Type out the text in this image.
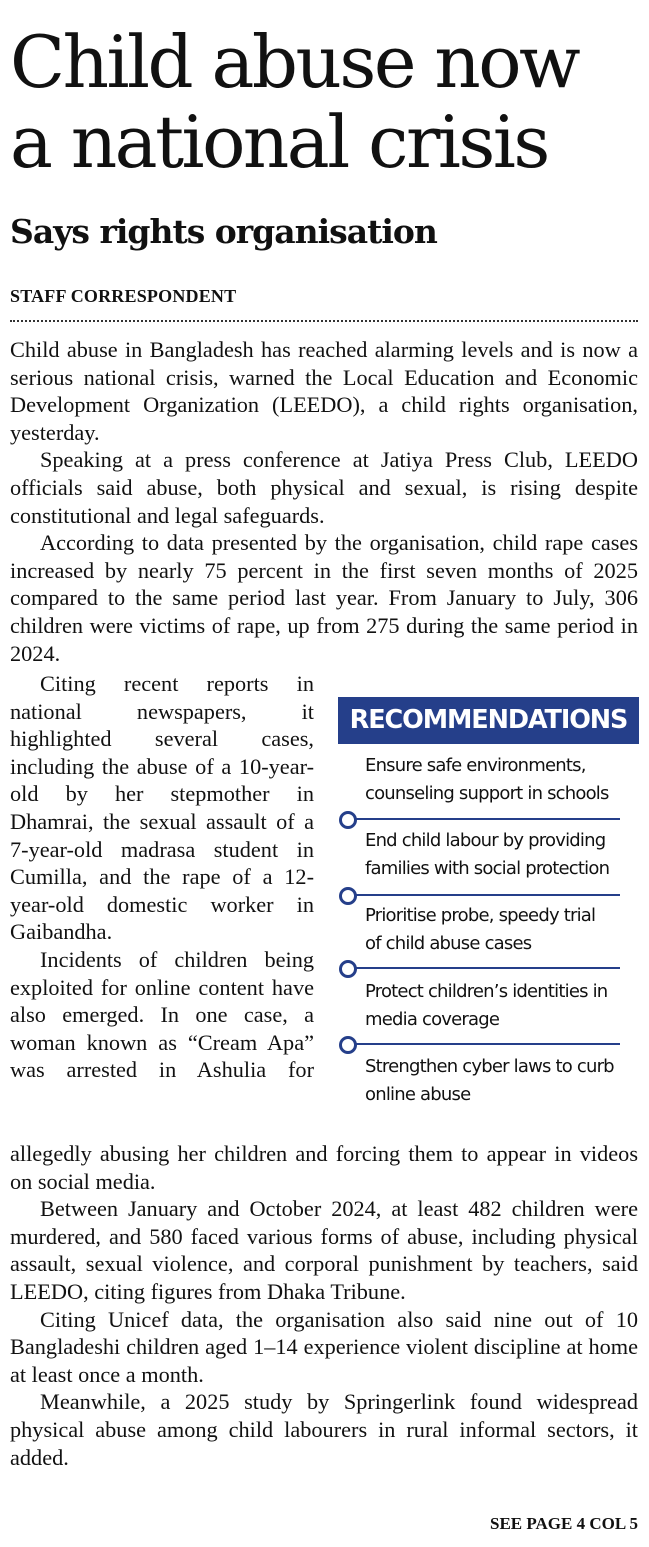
Child abuse now
a national crisis
Says rights organisation
STAFF CORRESPONDENT

Child abuse in Bangladesh has reached alarming levels and is now a serious national crisis, warned the Local Education and Economic Development Organization (LEEDO), a child rights organisation, yesterday.

Speaking at a press conference at Jatiya Press Club, LEEDO officials said abuse, both physical and sexual, is rising despite constitutional and legal safeguards.

According to data presented by the organisation, child rape cases increased by nearly 75 percent in the first seven months of 2025 compared to the same period last year. From January to July, 306 children were victims of rape, up from 275 during the same period in 2024.

Citing recent reports in national newspapers, it highlighted several cases, including the abuse of a 10-year-old by her stepmother in Dhamrai, the sexual assault of a 7-year-old madrasa student in Cumilla, and the rape of a 12-year-old domestic worker in Gaibandha.

Incidents of children being exploited for online content have also emerged. In one case, a woman known as “Cream Apa” was arrested in Ashulia for

RECOMMENDATIONS
Ensure safe environments,
counseling support in schools
End child labour by providing
families with social protection
Prioritise probe, speedy trial
of child abuse cases
Protect children’s identities in
media coverage
Strengthen cyber laws to curb
online abuse

allegedly abusing her children and forcing them to appear in videos on social media.

Between January and October 2024, at least 482 children were murdered, and 580 faced various forms of abuse, including physical assault, sexual violence, and corporal punishment by teachers, said LEEDO, citing figures from Dhaka Tribune.

Citing Unicef data, the organisation also said nine out of 10 Bangladeshi children aged 1–14 experience violent discipline at home at least once a month.

Meanwhile, a 2025 study by Springerlink found widespread physical abuse among child labourers in rural informal sectors, it added.

SEE PAGE 4 COL 5
